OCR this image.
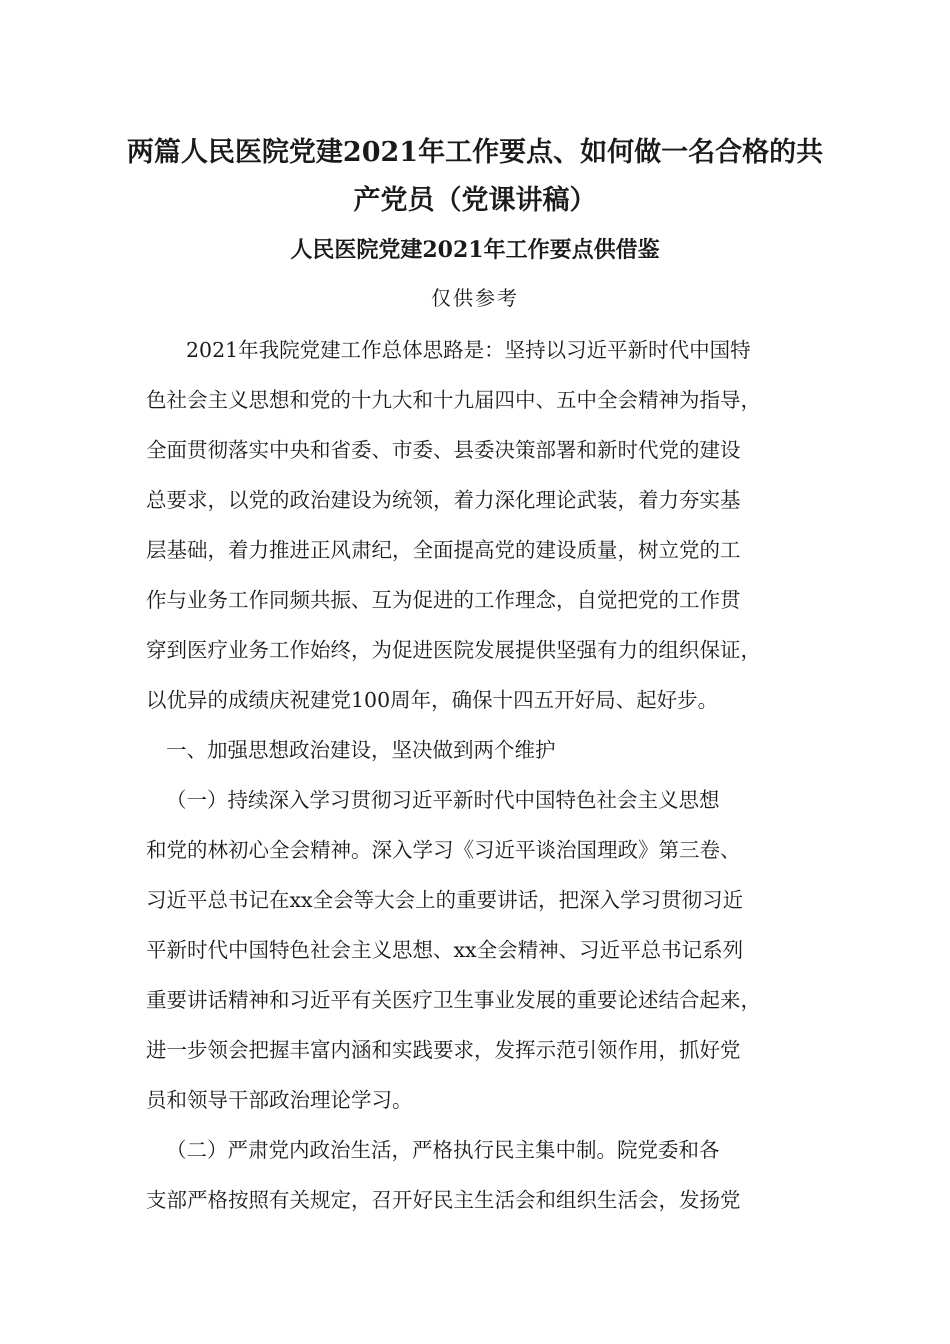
两篇人民医院党建2021年工作要点、如何做一名合格的共
产党员（党课讲稿）
人民医院党建2021年工作要点供借鉴
仅供参考
2021年我院党建工作总体思路是：坚持以习近平新时代中国特
色社会主义思想和党的十九大和十九届四中、五中全会精神为指导，
全面贯彻落实中央和省委、市委、县委决策部署和新时代党的建设
总要求，以党的政治建设为统领，着力深化理论武装，着力夯实基
层基础，着力推进正风肃纪，全面提高党的建设质量，树立党的工
作与业务工作同频共振、互为促进的工作理念，自觉把党的工作贯
穿到医疗业务工作始终，为促进医院发展提供坚强有力的组织保证，
以优异的成绩庆祝建党100周年，确保十四五开好局、起好步。
一、加强思想政治建设，坚决做到两个维护
（一）持续深入学习贯彻习近平新时代中国特色社会主义思想
和党的林初心全会精神。深入学习《习近平谈治国理政》第三卷、
习近平总书记在xx全会等大会上的重要讲话，把深入学习贯彻习近
平新时代中国特色社会主义思想、xx全会精神、习近平总书记系列
重要讲话精神和习近平有关医疗卫生事业发展的重要论述结合起来，
进一步领会把握丰富内涵和实践要求，发挥示范引领作用，抓好党
员和领导干部政治理论学习。
（二）严肃党内政治生活，严格执行民主集中制。院党委和各
支部严格按照有关规定，召开好民主生活会和组织生活会，发扬党
